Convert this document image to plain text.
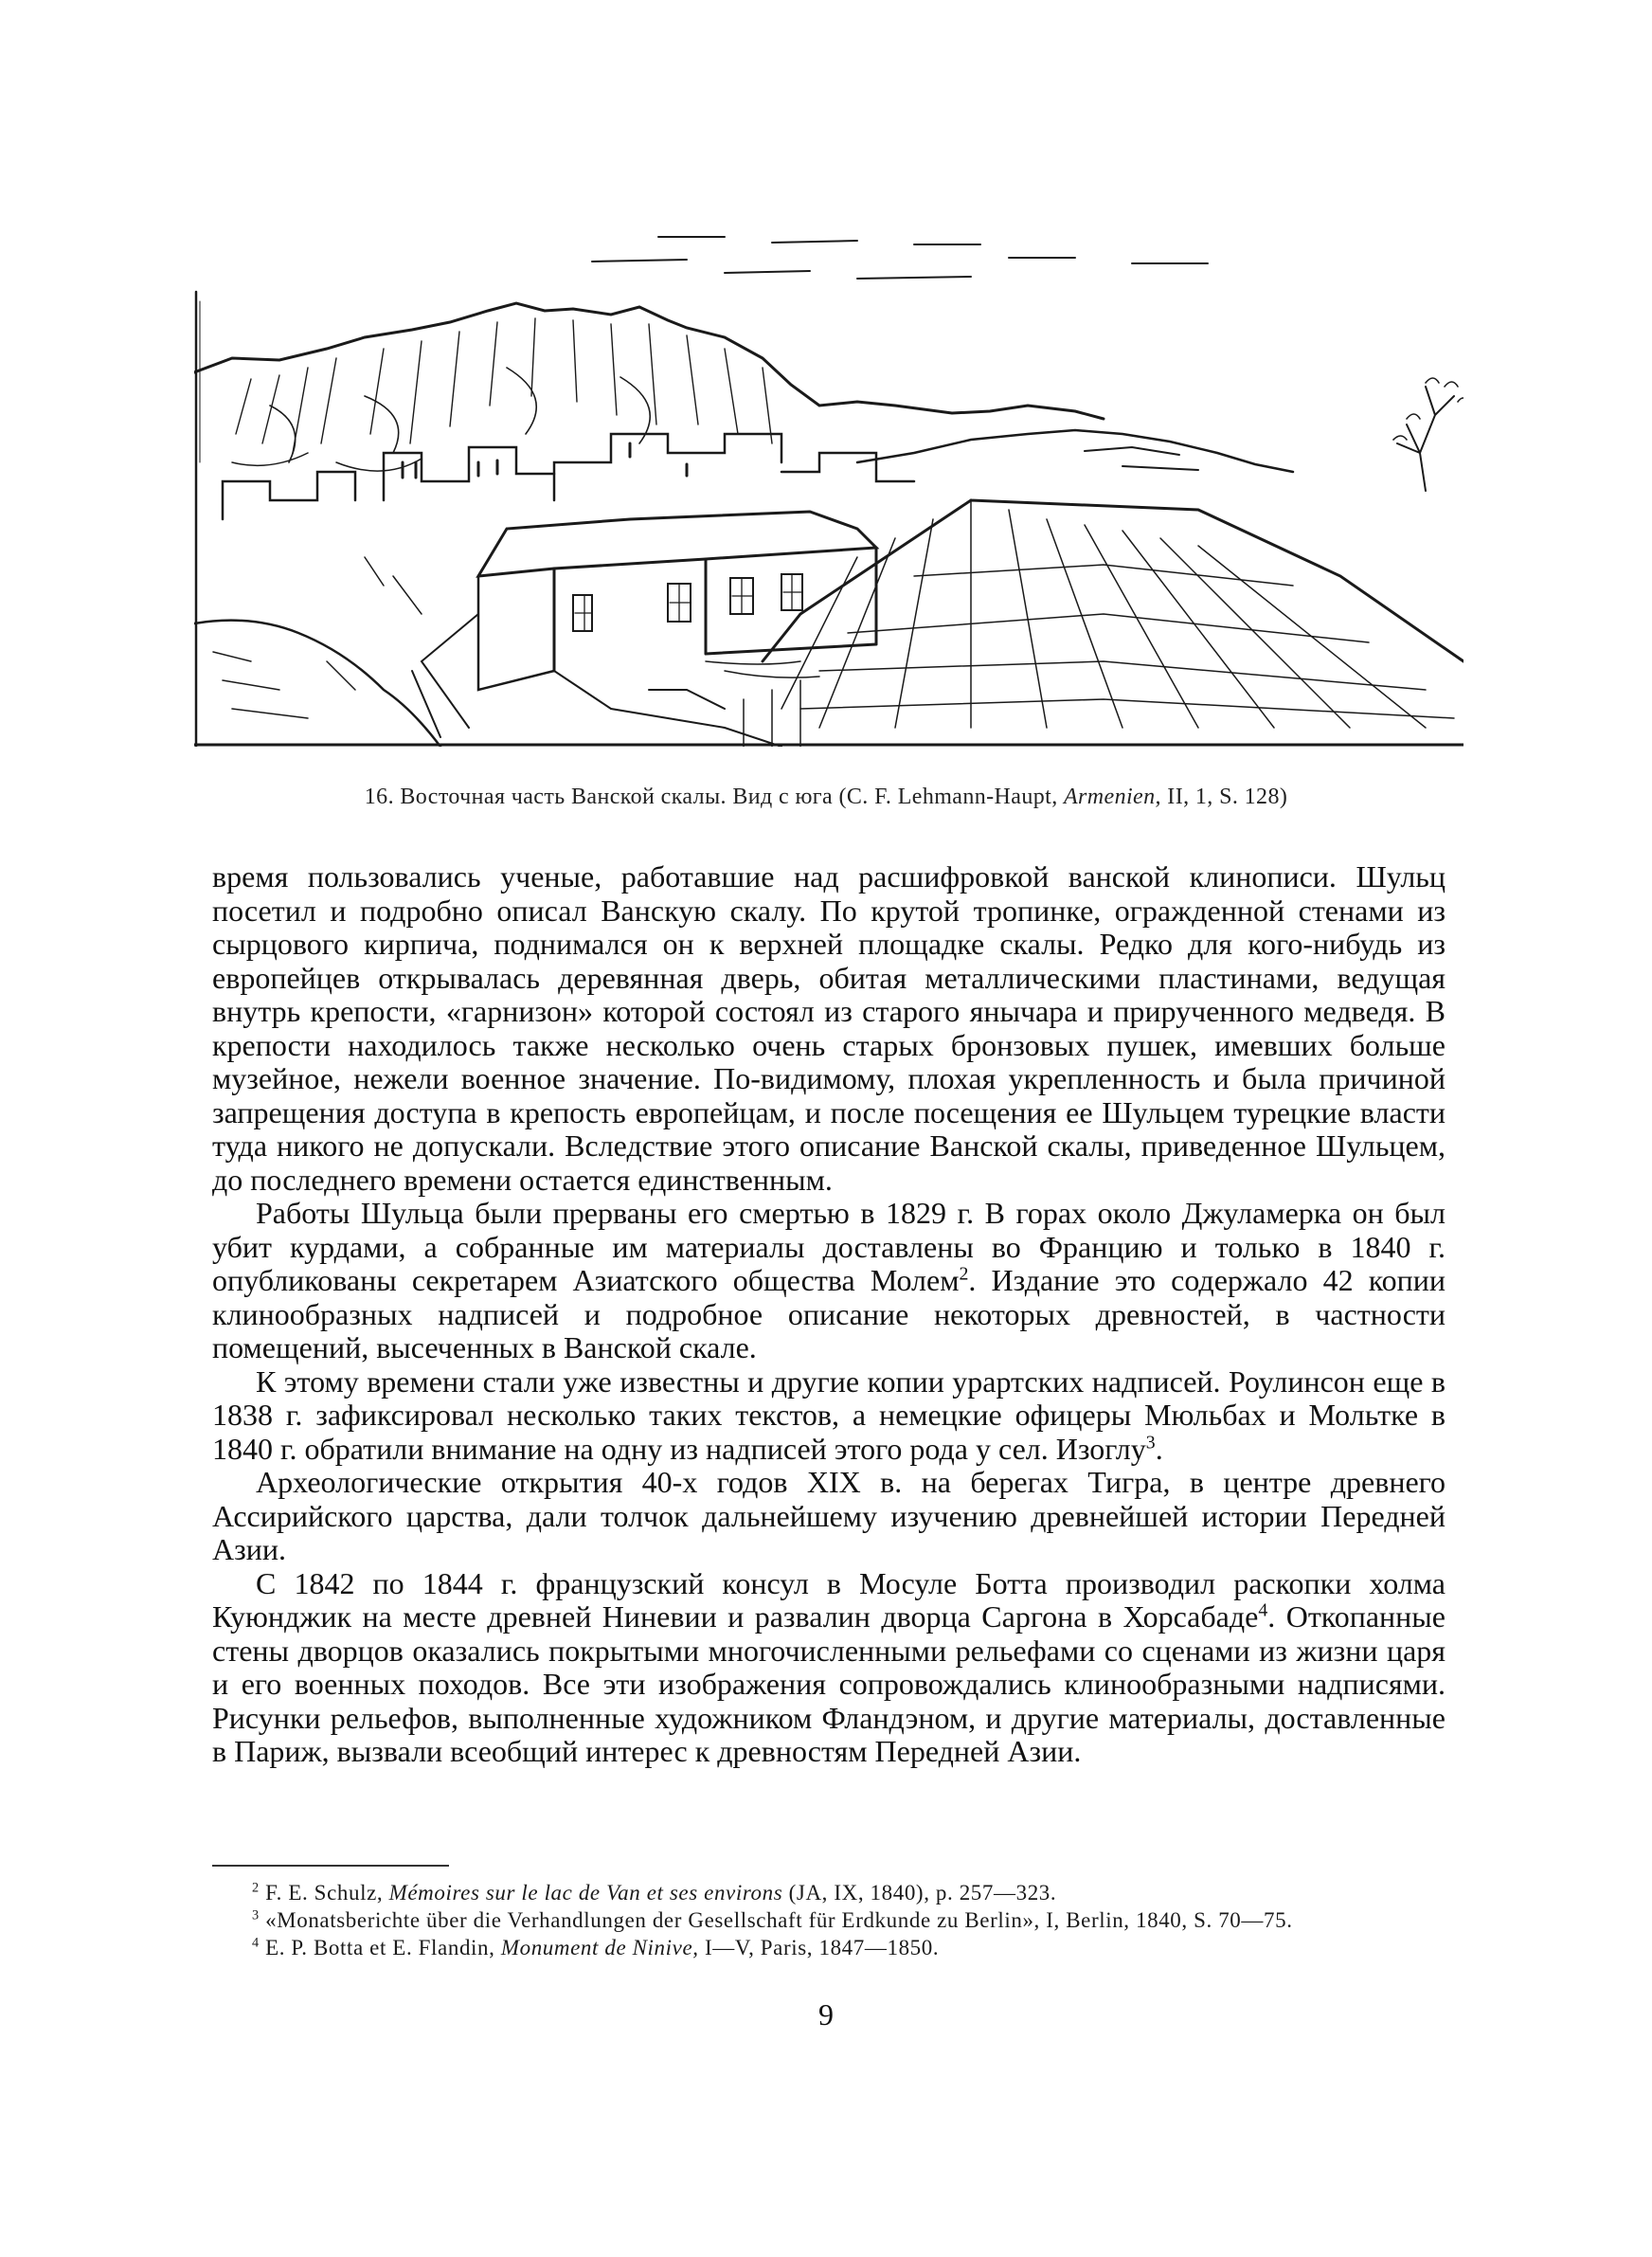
16. Восточная часть Ванской скалы. Вид с юга (C. F. Lehmann-Haupt, Armenien, II, 1, S. 128)

время пользовались ученые, работавшие над расшифровкой ванской клинописи. Шульц посетил и подробно описал Ванскую скалу. По крутой тропинке, огражденной стенами из сырцового кирпича, поднимался он к верхней площадке скалы. Редко для кого-нибудь из европейцев открывалась деревянная дверь, обитая металлическими пластинами, ведущая внутрь крепости, «гарнизон» которой состоял из старого янычара и прирученного медведя. В крепости находилось также несколько очень старых бронзовых пушек, имевших больше музейное, нежели военное значение. По-видимому, плохая укрепленность и была причиной запрещения доступа в крепость европейцам, и после посещения ее Шульцем турецкие власти туда никого не допускали. Вследствие этого описание Ванской скалы, приведенное Шульцем, до последнего времени остается единственным.

Работы Шульца были прерваны его смертью в 1829 г. В горах около Джуламерка он был убит курдами, а собранные им материалы доставлены во Францию и только в 1840 г. опубликованы секретарем Азиатского общества Молем$^2$. Издание это содержало 42 копии клинообразных надписей и подробное описание некоторых древностей, в частности помещений, высеченных в Ванской скале.

К этому времени стали уже известны и другие копии урартских надписей. Роулинсон еще в 1838 г. зафиксировал несколько таких текстов, а немецкие офицеры Мюльбах и Мольтке в 1840 г. обратили внимание на одну из надписей этого рода у сел. Изоглу$^3$.

Археологические открытия 40-х годов XIX в. на берегах Тигра, в центре древнего Ассирийского царства, дали толчок дальнейшему изучению древнейшей истории Передней Азии.

С 1842 по 1844 г. французский консул в Мосуле Ботта производил раскопки холма Куюнджик на месте древней Ниневии и развалин дворца Саргона в Хорсабаде$^4$. Откопанные стены дворцов оказались покрытыми многочисленными рельефами со сценами из жизни царя и его военных походов. Все эти изображения сопровождались клинообразными надписями. Рисунки рельефов, выполненные художником Фландэном, и другие материалы, доставленные в Париж, вызвали всеобщий интерес к древностям Передней Азии.

$^2$ F. E. Schulz, Mémoires sur le lac de Van et ses environs (JA, IX, 1840), p. 257—323.

$^3$ «Monatsberichte über die Verhandlungen der Gesellschaft für Erdkunde zu Berlin», I, Berlin, 1840, S. 70—75.

$^4$ E. P. Botta et E. Flandin, Monument de Ninive, I—V, Paris, 1847—1850.

9
